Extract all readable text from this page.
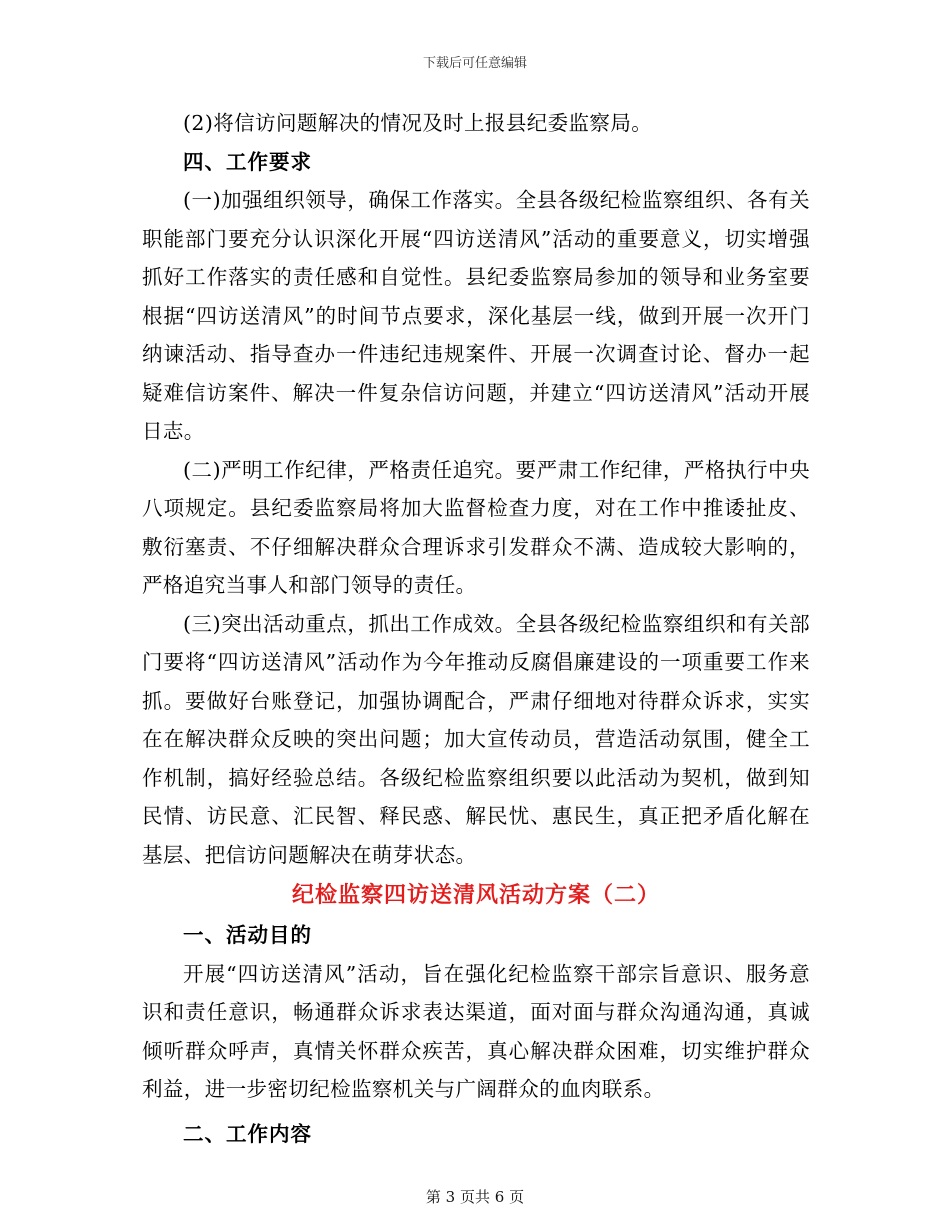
下载后可任意编辑

(2)将信访问题解决的情况及时上报县纪委监察局。

四、工作要求

(一)加强组织领导，确保工作落实。全县各级纪检监察组织、各有关职能部门要充分认识深化开展“四访送清风”活动的重要意义，切实增强抓好工作落实的责任感和自觉性。县纪委监察局参加的领导和业务室要根据“四访送清风”的时间节点要求，深化基层一线，做到开展一次开门纳谏活动、指导查办一件违纪违规案件、开展一次调查讨论、督办一起疑难信访案件、解决一件复杂信访问题，并建立“四访送清风”活动开展日志。

(二)严明工作纪律，严格责任追究。要严肃工作纪律，严格执行中央八项规定。县纪委监察局将加大监督检查力度，对在工作中推诿扯皮、敷衍塞责、不仔细解决群众合理诉求引发群众不满、造成较大影响的，严格追究当事人和部门领导的责任。

(三)突出活动重点，抓出工作成效。全县各级纪检监察组织和有关部门要将“四访送清风”活动作为今年推动反腐倡廉建设的一项重要工作来抓。要做好台账登记，加强协调配合，严肃仔细地对待群众诉求，实实在在解决群众反映的突出问题；加大宣传动员，营造活动氛围，健全工作机制，搞好经验总结。各级纪检监察组织要以此活动为契机，做到知民情、访民意、汇民智、释民惑、解民忧、惠民生，真正把矛盾化解在基层、把信访问题解决在萌芽状态。

纪检监察四访送清风活动方案（二）

一、活动目的

开展“四访送清风”活动，旨在强化纪检监察干部宗旨意识、服务意识和责任意识，畅通群众诉求表达渠道，面对面与群众沟通沟通，真诚倾听群众呼声，真情关怀群众疾苦，真心解决群众困难，切实维护群众利益，进一步密切纪检监察机关与广阔群众的血肉联系。

二、工作内容

第 3 页共 6 页
